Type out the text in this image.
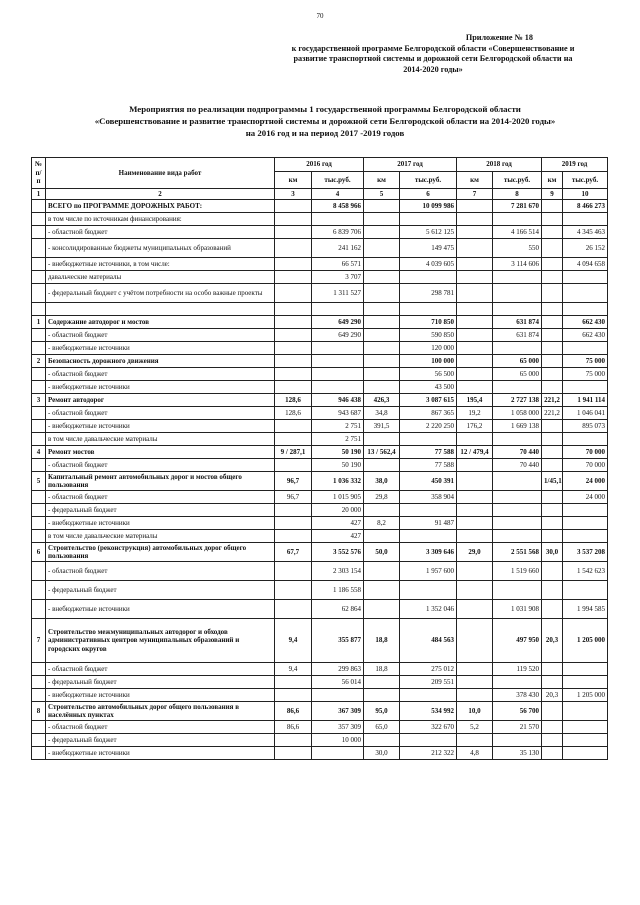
70
Приложение № 18
к государственной программе Белгородской области «Совершенствование и
развитие транспортной системы и дорожной сети Белгородской области на
2014-2020 годы»
Мероприятия по реализации подпрограммы 1 государственной программы Белгородской области
«Совершенствование и развитие транспортной системы и дорожной сети Белгородской области на 2014-2020 годы»
на 2016 год и на период 2017 -2019 годов
№ п/п	Наименование вида работ	2016 год		2017 год		2018 год		2019 год	
		км	тыс.руб.	км	тыс.руб.	км	тыс.руб.	км	тыс.руб.
1	2	3	4	5	6	7	8	9	10
	ВСЕГО по ПРОГРАММЕ ДОРОЖНЫХ РАБОТ:		8 458 966		10 099 986		7 281 670		8 466 273
	в том числе по источникам финансирования:								
	- областной бюджет		6 839 706		5 612 125		4 166 514		4 345 463
	- консолидированные бюджеты муниципальных образований		241 162		149 475		550		26 152
	- внебюджетные источники, в том числе:		66 571		4 039 605		3 114 606		4 094 658
	давальческие материалы		3 707						
	- федеральный бюджет с учётом потребности на особо важные проекты		1 311 527		298 781				

1	Содержание автодорог и мостов		649 290		710 850		631 874		662 430
	- областной бюджет		649 290		590 850		631 874		662 430
	- внебюджетные источники				120 000				
2	Безопасность дорожного движения				100 000		65 000		75 000
	- областной бюджет				56 500		65 000		75 000
	- внебюджетные источники				43 500				
3	Ремонт автодорог	128,6	946 438	426,3	3 087 615	195,4	2 727 138	221,2	1 941 114
	- областной бюджет	128,6	943 687	34,8	867 365	19,2	1 058 000	221,2	1 046 041
	- внебюджетные источники		2 751	391,5	2 220 250	176,2	1 669 138		895 073
	в том числе давальческие материалы		2 751						
4	Ремонт мостов	9 / 287,1	50 190	13 / 562,4	77 588	12 / 479,4	70 440		70 000
	- областной бюджет		50 190		77 588		70 440		70 000
5	Капитальный ремонт автомобильных дорог и мостов общего пользования	96,7	1 036 332	38,0	450 391			1/45,1	24 000
	- областной бюджет	96,7	1 015 905	29,8	358 904				24 000
	- федеральный бюджет		20 000						
	- внебюджетные источники		427	8,2	91 487				
	в том числе давальческие материалы		427						
6	Строительство (реконструкция) автомобильных дорог общего пользования	67,7	3 552 576	50,0	3 309 646	29,0	2 551 568	30,0	3 537 208
	- областной бюджет		2 303 154		1 957 600		1 519 660		1 542 623
	- федеральный бюджет		1 186 558						
	- внебюджетные источники		62 864		1 352 046		1 031 908		1 994 585
7	Строительство межмуниципальных автодорог и обходов административных центров муниципальных образований и городских округов	9,4	355 877	18,8	484 563		497 950	20,3	1 205 000
	- областной бюджет	9,4	299 863	18,8	275 012		119 520		
	- федеральный бюджет		56 014		209 551				
	- внебюджетные источники						378 430	20,3	1 205 000
8	Строительство автомобильных дорог общего пользования в населённых пунктах	86,6	367 309	95,0	534 992	10,0	56 700		
	- областной бюджет	86,6	357 309	65,0	322 670	5,2	21 570		
	- федеральный бюджет		10 000						
	- внебюджетные источники			30,0	212 322	4,8	35 130		
